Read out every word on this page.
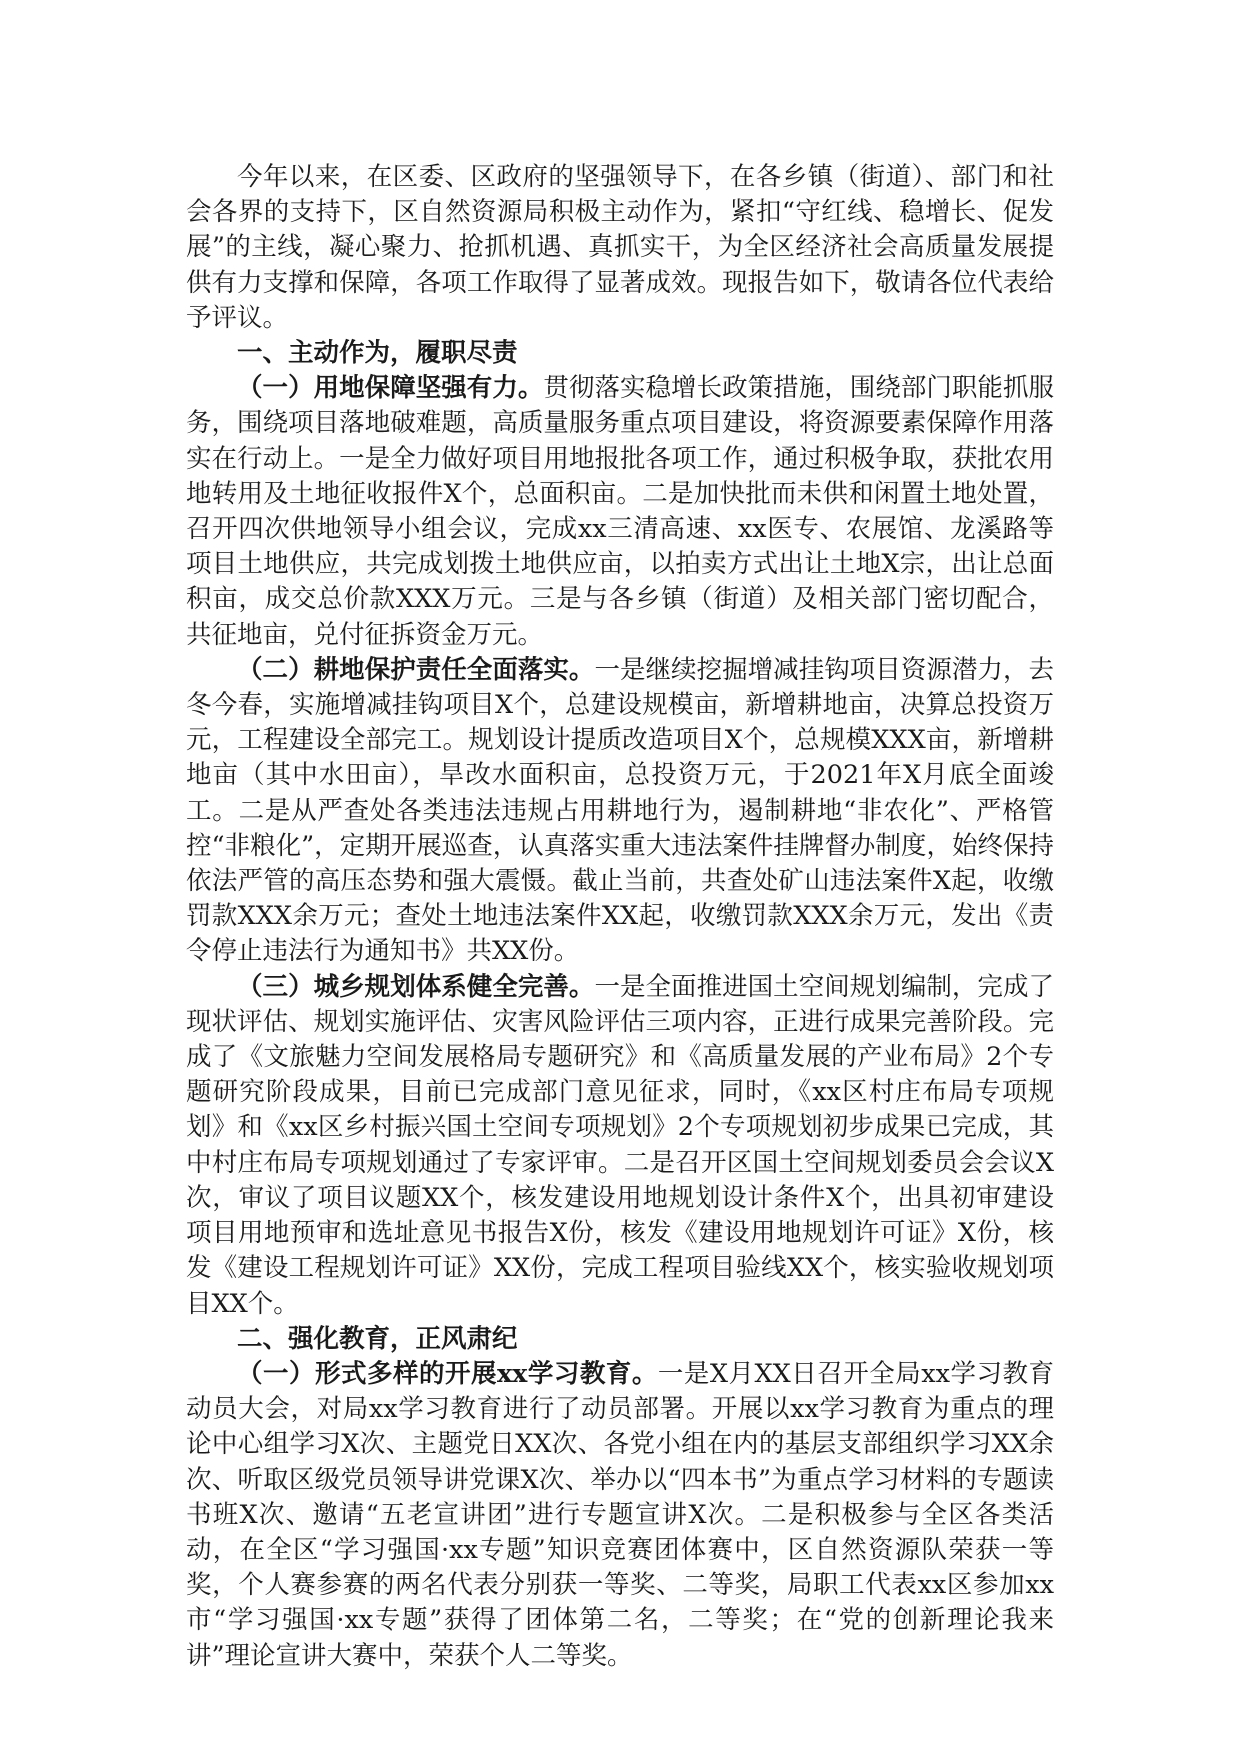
今年以来，在区委、区政府的坚强领导下，在各乡镇（街道）、部门和社会各界的支持下，区自然资源局积极主动作为，紧扣“守红线、稳增长、促发展”的主线，凝心聚力、抢抓机遇、真抓实干，为全区经济社会高质量发展提供有力支撑和保障，各项工作取得了显著成效。现报告如下，敬请各位代表给予评议。

一、主动作为，履职尽责

（一）用地保障坚强有力。贯彻落实稳增长政策措施，围绕部门职能抓服务，围绕项目落地破难题，高质量服务重点项目建设，将资源要素保障作用落实在行动上。一是全力做好项目用地报批各项工作，通过积极争取，获批农用地转用及土地征收报件X个，总面积亩。二是加快批而未供和闲置土地处置，召开四次供地领导小组会议，完成xx三清高速、xx医专、农展馆、龙溪路等项目土地供应，共完成划拨土地供应亩，以拍卖方式出让土地X宗，出让总面积亩，成交总价款XXX万元。三是与各乡镇（街道）及相关部门密切配合，共征地亩，兑付征拆资金万元。

（二）耕地保护责任全面落实。一是继续挖掘增减挂钩项目资源潜力，去冬今春，实施增减挂钩项目X个，总建设规模亩，新增耕地亩，决算总投资万元，工程建设全部完工。规划设计提质改造项目X个，总规模XXX亩，新增耕地亩（其中水田亩），旱改水面积亩，总投资万元，于2021年X月底全面竣工。二是从严查处各类违法违规占用耕地行为，遏制耕地“非农化”、严格管控“非粮化”，定期开展巡查，认真落实重大违法案件挂牌督办制度，始终保持依法严管的高压态势和强大震慑。截止当前，共查处矿山违法案件X起，收缴罚款XXX余万元；查处土地违法案件XX起，收缴罚款XXX余万元，发出《责令停止违法行为通知书》共XX份。

（三）城乡规划体系健全完善。一是全面推进国土空间规划编制，完成了现状评估、规划实施评估、灾害风险评估三项内容，正进行成果完善阶段。完成了《文旅魅力空间发展格局专题研究》和《高质量发展的产业布局》2个专题研究阶段成果，目前已完成部门意见征求，同时，《xx区村庄布局专项规划》和《xx区乡村振兴国土空间专项规划》2个专项规划初步成果已完成，其中村庄布局专项规划通过了专家评审。二是召开区国土空间规划委员会会议X次，审议了项目议题XX个，核发建设用地规划设计条件X个，出具初审建设项目用地预审和选址意见书报告X份，核发《建设用地规划许可证》X份，核发《建设工程规划许可证》XX份，完成工程项目验线XX个，核实验收规划项目XX个。

二、强化教育，正风肃纪

（一）形式多样的开展xx学习教育。一是X月XX日召开全局xx学习教育动员大会，对局xx学习教育进行了动员部署。开展以xx学习教育为重点的理论中心组学习X次、主题党日XX次、各党小组在内的基层支部组织学习XX余次、听取区级党员领导讲党课X次、举办以“四本书”为重点学习材料的专题读书班X次、邀请“五老宣讲团”进行专题宣讲X次。二是积极参与全区各类活动，在全区“学习强国·xx专题”知识竞赛团体赛中，区自然资源队荣获一等奖，个人赛参赛的两名代表分别获一等奖、二等奖，局职工代表xx区参加xx市“学习强国·xx专题”获得了团体第二名，二等奖；在“党的创新理论我来讲”理论宣讲大赛中，荣获个人二等奖。
